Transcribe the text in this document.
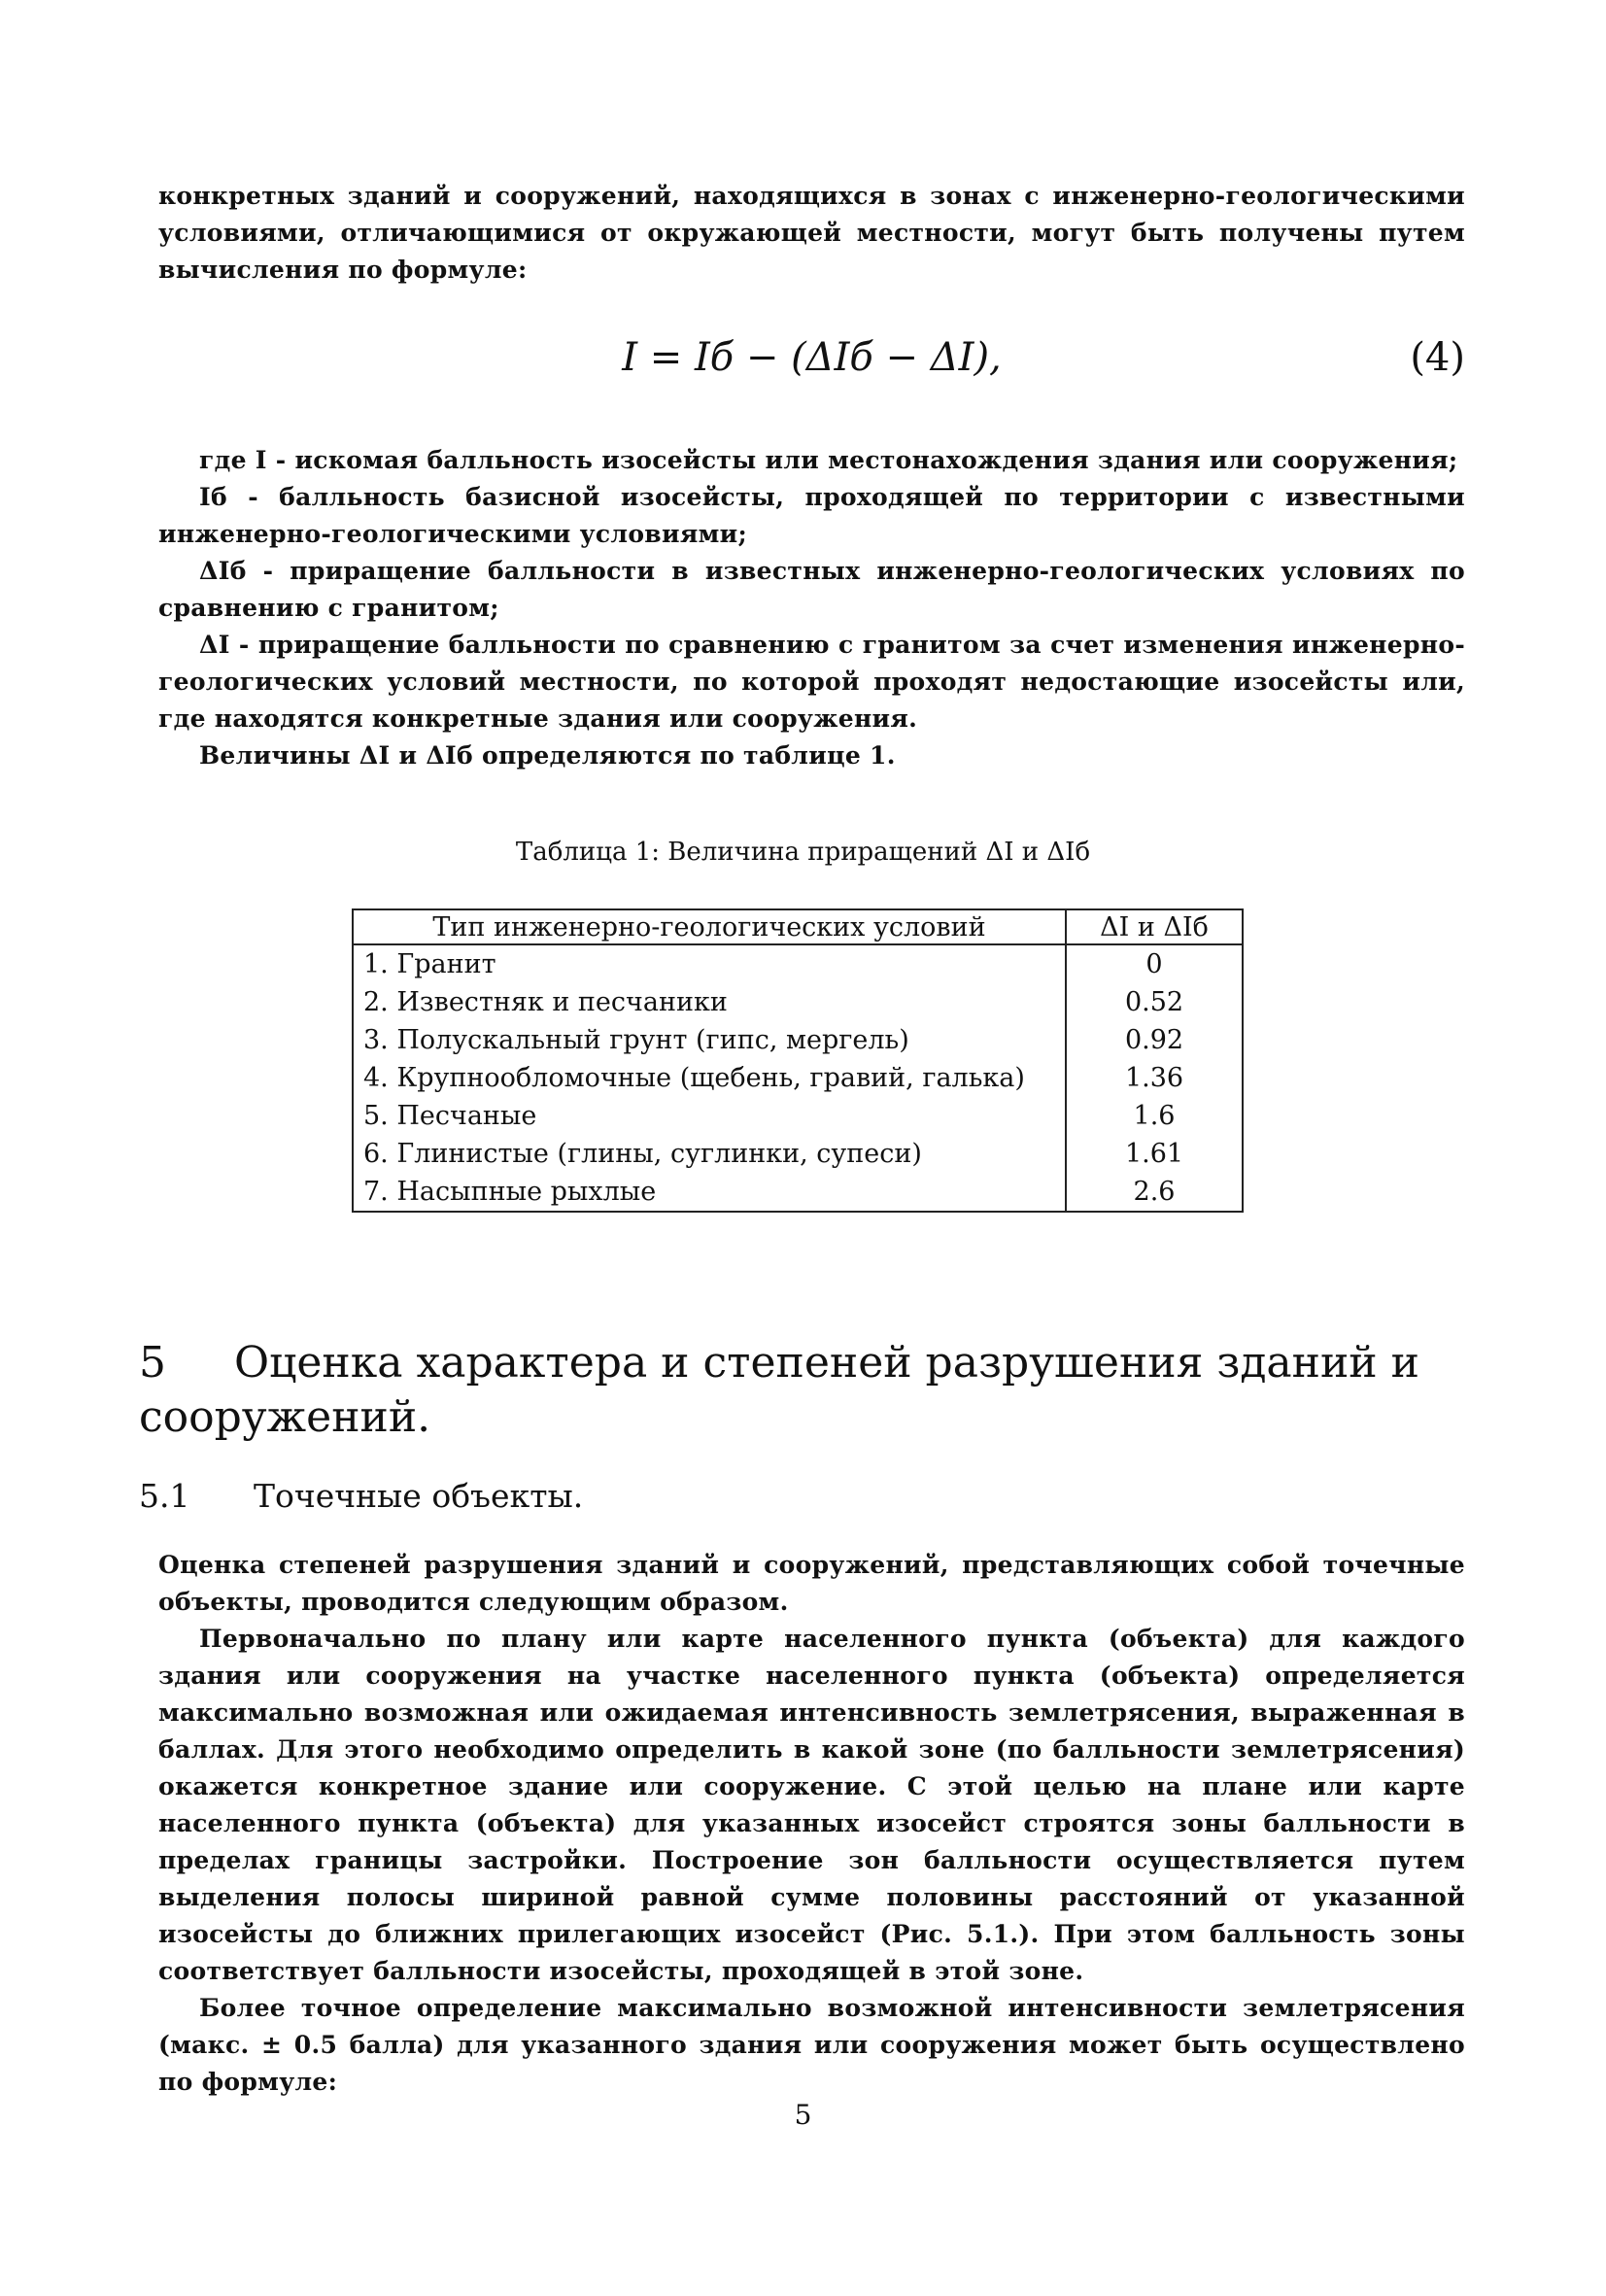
конкретных зданий и сооружений, находящихся в зонах с инженерно-геологическими условиями, отличающимися от окружающей местности, могут быть получены путем вычисления по формуле:

I = Iб − (ΔIб − ΔI),	(4)

где I - искомая балльность изосейсты или местонахождения здания или сооружения;

Iб - балльность базисной изосейсты, проходящей по территории с известными инженерно-геологическими условиями;

ΔIб - приращение балльности в известных инженерно-геологических условиях по сравнению с гранитом;

ΔI - приращение балльности по сравнению с гранитом за счет изменения инженерно-геологических условий местности, по которой проходят недостающие изосейсты или, где находятся конкретные здания или сооружения.

Величины ΔI и ΔIб определяются по таблице 1.

Таблица 1: Величина приращений ΔI и ΔIб
Тип инженерно-геологических условий	ΔI и ΔIб
1. Гранит	0
2. Известняк и песчаники	0.52
3. Полускальный грунт (гипс, мергель)	0.92
4. Крупнообломочные (щебень, гравий, галька)	1.36
5. Песчаные	1.6
6. Глинистые (глины, суглинки, супеси)	1.61
7. Насыпные рыхлые	2.6
5 Оценка характера и степеней разрушения зданий и сооружений.
5.1 Точечные объекты.

Оценка степеней разрушения зданий и сооружений, представляющих собой точечные объекты, проводится следующим образом.

Первоначально по плану или карте населенного пункта (объекта) для каждого здания или сооружения на участке населенного пункта (объекта) определяется максимально возможная или ожидаемая интенсивность землетрясения, выраженная в баллах. Для этого необходимо определить в какой зоне (по балльности землетрясения) окажется конкретное здание или сооружение. С этой целью на плане или карте населенного пункта (объекта) для указанных изосейст строятся зоны балльности в пределах границы застройки. Построение зон балльности осуществляется путем выделения полосы шириной равной сумме половины расстояний от указанной изосейсты до ближних прилегающих изосейст (Рис. 5.1.). При этом балльность зоны соответствует балльности изосейсты, проходящей в этой зоне.

Более точное определение максимально возможной интенсивности землетрясения (макс. ± 0.5 балла) для указанного здания или сооружения может быть осуществлено по формуле:

5
